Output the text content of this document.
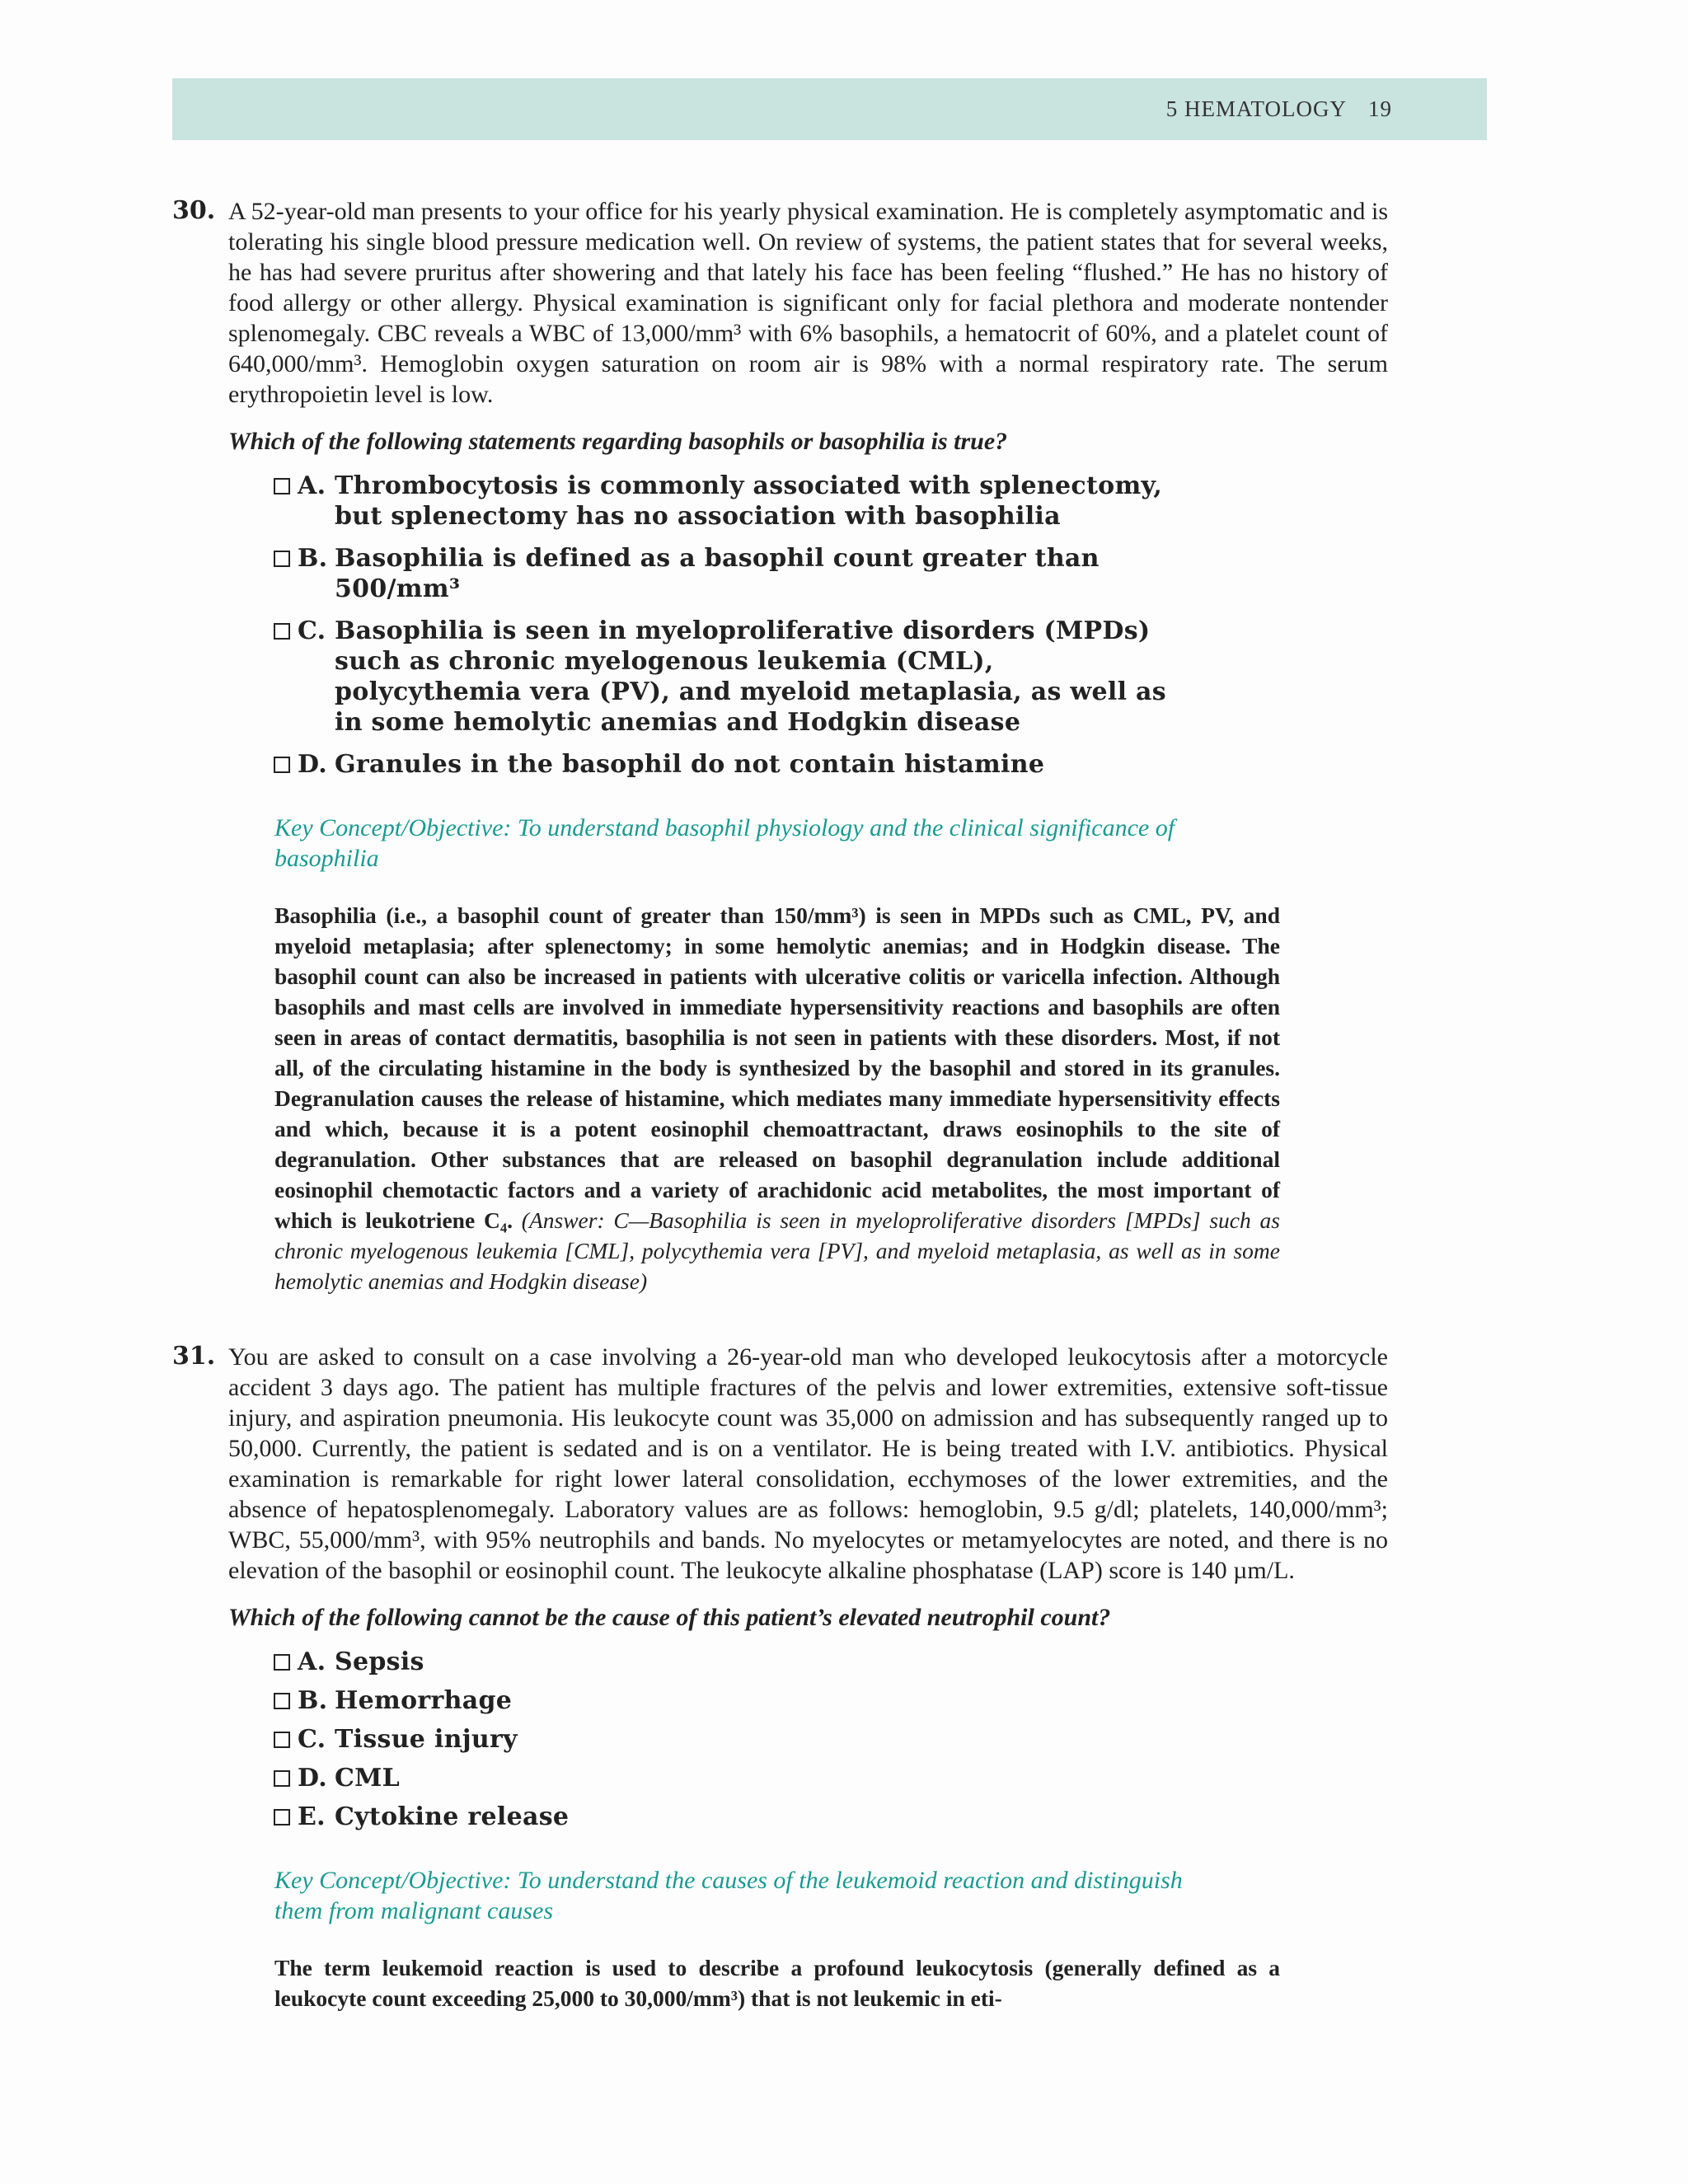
5 HEMATOLOGY 19
30. A 52-year-old man presents to your office for his yearly physical examination. He is completely asymptomatic and is tolerating his single blood pressure medication well. On review of systems, the patient states that for several weeks, he has had severe pruritus after showering and that lately his face has been feeling “flushed.” He has no history of food allergy or other allergy. Physical examination is significant only for facial plethora and moderate nontender splenomegaly. CBC reveals a WBC of 13,000/mm³ with 6% basophils, a hematocrit of 60%, and a platelet count of 640,000/mm³. Hemoglobin oxygen saturation on room air is 98% with a normal respiratory rate. The serum erythropoietin level is low.
Which of the following statements regarding basophils or basophilia is true?
A. Thrombocytosis is commonly associated with splenectomy, but splenectomy has no association with basophilia
B. Basophilia is defined as a basophil count greater than 500/mm³
C. Basophilia is seen in myeloproliferative disorders (MPDs) such as chronic myelogenous leukemia (CML), polycythemia vera (PV), and myeloid metaplasia, as well as in some hemolytic anemias and Hodgkin disease
D. Granules in the basophil do not contain histamine
Key Concept/Objective: To understand basophil physiology and the clinical significance of basophilia
Basophilia (i.e., a basophil count of greater than 150/mm³) is seen in MPDs such as CML, PV, and myeloid metaplasia; after splenectomy; in some hemolytic anemias; and in Hodgkin disease. The basophil count can also be increased in patients with ulcerative colitis or varicella infection. Although basophils and mast cells are involved in immediate hypersensitivity reactions and basophils are often seen in areas of contact dermatitis, basophilia is not seen in patients with these disorders. Most, if not all, of the circulating histamine in the body is synthesized by the basophil and stored in its granules. Degranulation causes the release of histamine, which mediates many immediate hypersensitivity effects and which, because it is a potent eosinophil chemoattractant, draws eosinophils to the site of degranulation. Other substances that are released on basophil degranulation include additional eosinophil chemotactic factors and a variety of arachidonic acid metabolites, the most important of which is leukotriene C₄. (Answer: C—Basophilia is seen in myeloproliferative disorders [MPDs] such as chronic myelogenous leukemia [CML], polycythemia vera [PV], and myeloid metaplasia, as well as in some hemolytic anemias and Hodgkin disease)
31. You are asked to consult on a case involving a 26-year-old man who developed leukocytosis after a motorcycle accident 3 days ago. The patient has multiple fractures of the pelvis and lower extremities, extensive soft-tissue injury, and aspiration pneumonia. His leukocyte count was 35,000 on admission and has subsequently ranged up to 50,000. Currently, the patient is sedated and is on a ventilator. He is being treated with I.V. antibiotics. Physical examination is remarkable for right lower lateral consolidation, ecchymoses of the lower extremities, and the absence of hepatosplenomegaly. Laboratory values are as follows: hemoglobin, 9.5 g/dl; platelets, 140,000/mm³; WBC, 55,000/mm³, with 95% neutrophils and bands. No myelocytes or metamyelocytes are noted, and there is no elevation of the basophil or eosinophil count. The leukocyte alkaline phosphatase (LAP) score is 140 µm/L.
Which of the following cannot be the cause of this patient’s elevated neutrophil count?
A. Sepsis
B. Hemorrhage
C. Tissue injury
D. CML
E. Cytokine release
Key Concept/Objective: To understand the causes of the leukemoid reaction and distinguish them from malignant causes
The term leukemoid reaction is used to describe a profound leukocytosis (generally defined as a leukocyte count exceeding 25,000 to 30,000/mm³) that is not leukemic in eti-
